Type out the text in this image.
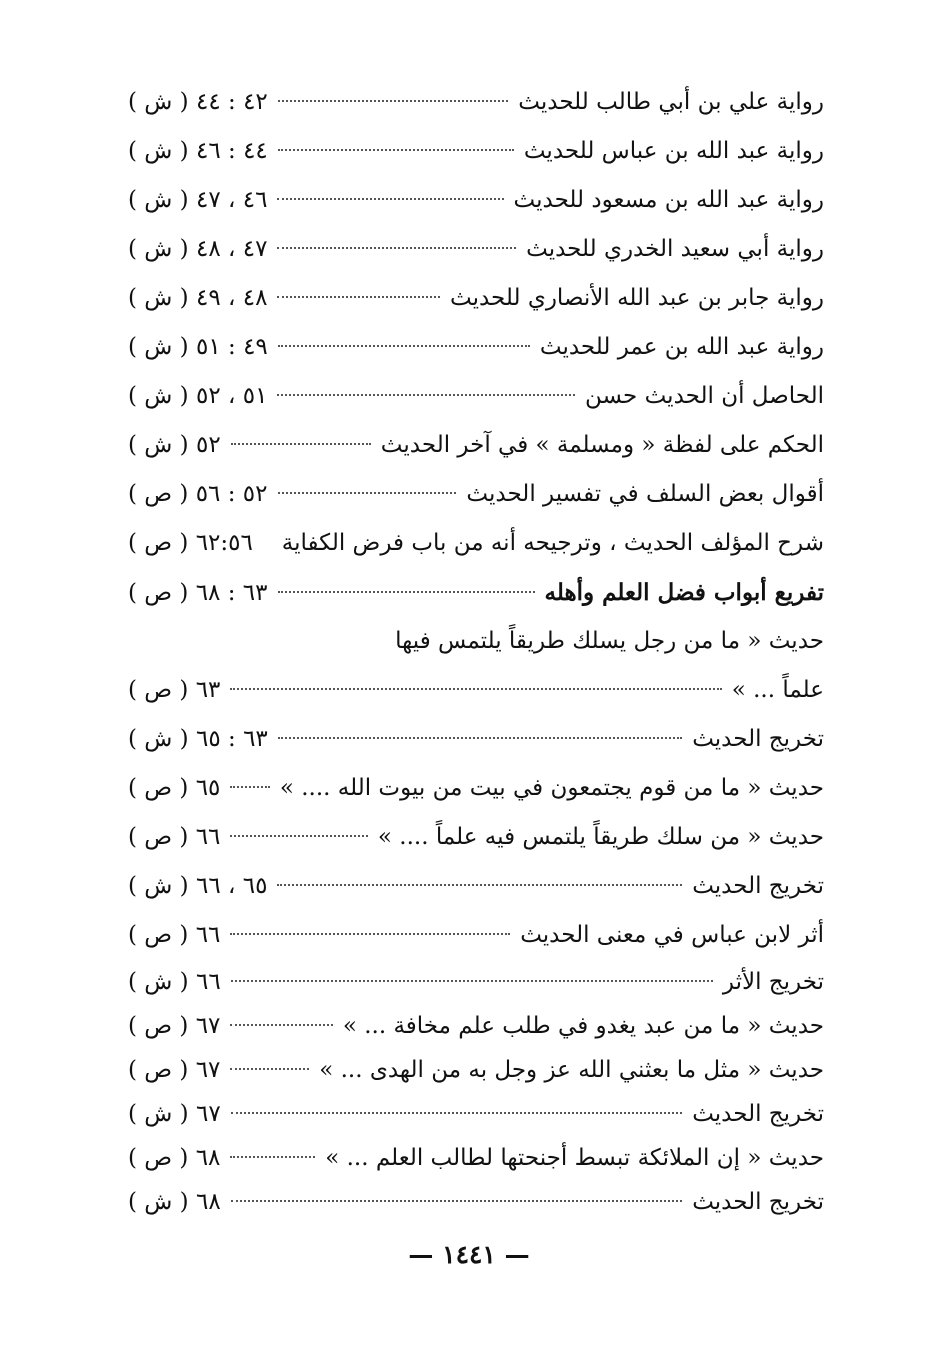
رواية علي بن أبي طالب للحديث
٤٢ : ٤٤ ( ش )
رواية عبد الله بن عباس للحديث
٤٤ : ٤٦ ( ش )
رواية عبد الله بن مسعود للحديث
٤٦ ، ٤٧ ( ش )
رواية أبي سعيد الخدري للحديث
٤٧ ، ٤٨ ( ش )
رواية جابر بن عبد الله الأنصاري للحديث
٤٨ ، ٤٩ ( ش )
رواية عبد الله بن عمر للحديث
٤٩ : ٥١ ( ش )
الحاصل أن الحديث حسن
٥١ ، ٥٢ ( ش )
الحكم على لفظة « ومسلمة » في آخر الحديث
٥٢ ( ش )
أقوال بعض السلف في تفسير الحديث
٥٢ : ٥٦ ( ص )
شرح المؤلف الحديث ، وترجيحه أنه من باب فرض الكفاية
٦٢:٥٦ ( ص )
تفريع أبواب فضل العلم وأهله
٦٣ : ٦٨ ( ص )
حديث « ما من رجل يسلك طريقاً يلتمس فيها
علماً ... »
٦٣ ( ص )
تخريج الحديث
٦٣ : ٦٥ ( ش )
حديث « ما من قوم يجتمعون في بيت من بيوت الله .... »
٦٥ ( ص )
حديث « من سلك طريقاً يلتمس فيه علماً .... »
٦٦ ( ص )
تخريج الحديث
٦٥ ، ٦٦ ( ش )
أثر لابن عباس في معنى الحديث
٦٦ ( ص )
تخريج الأثر
٦٦ ( ش )
حديث « ما من عبد يغدو في طلب علم مخافة ... »
٦٧ ( ص )
حديث « مثل ما بعثني الله عز وجل به من الهدى ... »
٦٧ ( ص )
تخريج الحديث
٦٧ ( ش )
حديث « إن الملائكة تبسط أجنحتها لطالب العلم ... »
٦٨ ( ص )
تخريج الحديث
٦٨ ( ش )
— ١٤٤١ —
